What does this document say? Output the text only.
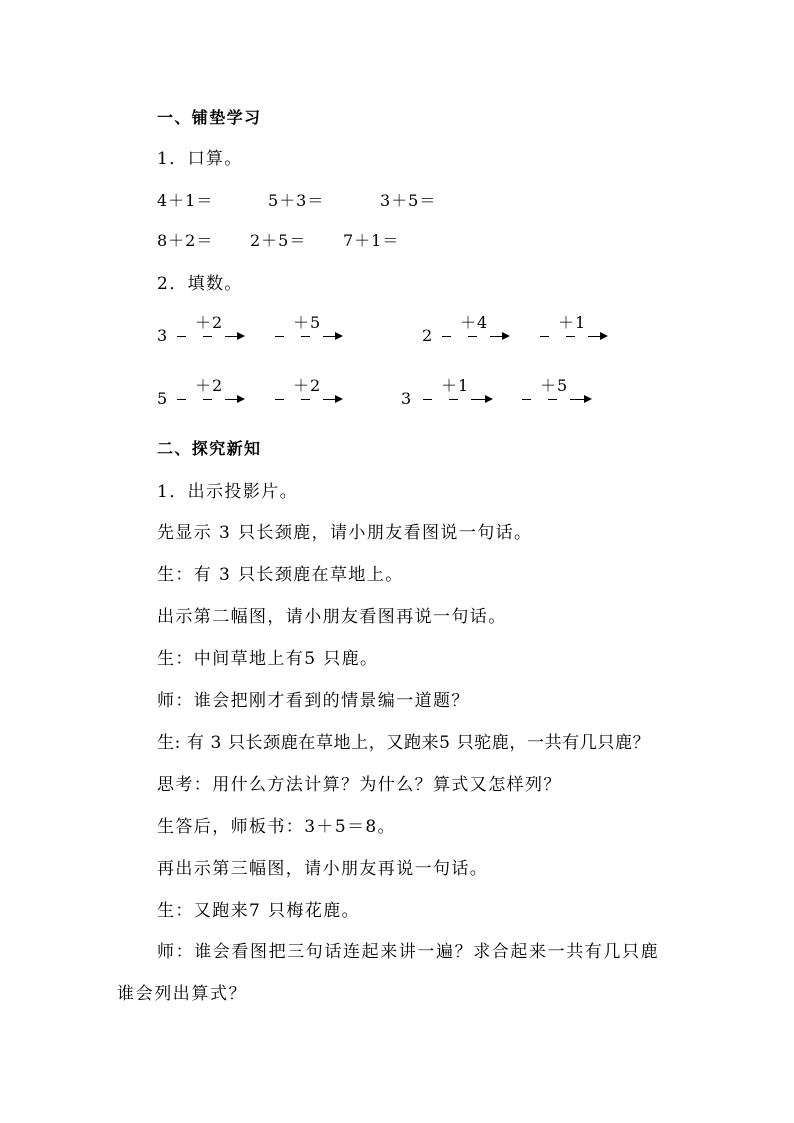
一、铺垫学习
1．口算。
4＋1＝	5＋3＝	3＋5＝
8＋2＝ 2＋5＝ 7＋1＝
2．填数。
3
＋2	＋5
2
＋4	＋1
5
＋2	＋2
3
＋1	＋5
二、探究新知
1．出示投影片。
先显示 3 只长颈鹿，请小朋友看图说一句话。
生：有 3 只长颈鹿在草地上。
出示第二幅图，请小朋友看图再说一句话。
生：中间草地上有5 只鹿。
师：谁会把刚才看到的情景编一道题？
生: 有 3 只长颈鹿在草地上，又跑来5 只驼鹿，一共有几只鹿？
思考：用什么方法计算？为什么？算式又怎样列？
生答后，师板书：3＋5＝8。
再出示第三幅图，请小朋友再说一句话。
生：又跑来7 只梅花鹿。
师：谁会看图把三句话连起来讲一遍？求合起来一共有几只鹿谁会列出算式？
